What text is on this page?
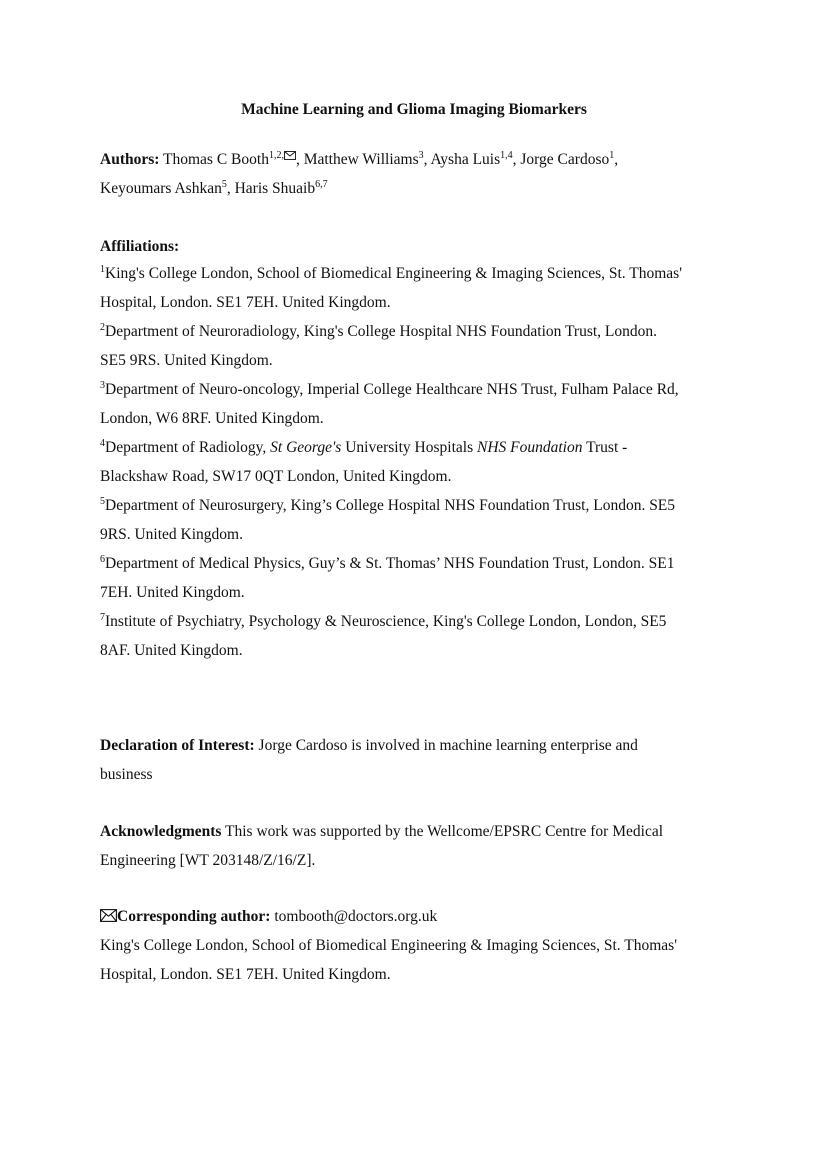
Machine Learning and Glioma Imaging Biomarkers
Authors: Thomas C Booth$^{1,2,}$ , Matthew Williams$^3$, Aysha Luis$^{1,4}$, Jorge Cardoso$^1$,
Keyoumars Ashkan$^5$, Haris Shuaib$^{6,7}$
Affiliations:
$^1$King's College London, School of Biomedical Engineering & Imaging Sciences, St. Thomas'
Hospital, London. SE1 7EH. United Kingdom.
$^2$Department of Neuroradiology, King's College Hospital NHS Foundation Trust, London.
SE5 9RS. United Kingdom.
$^3$Department of Neuro-oncology, Imperial College Healthcare NHS Trust, Fulham Palace Rd,
London, W6 8RF. United Kingdom.
$^4$Department of Radiology, St George's University Hospitals NHS Foundation Trust -
Blackshaw Road, SW17 0QT London, United Kingdom.
$^5$Department of Neurosurgery, King’s College Hospital NHS Foundation Trust, London. SE5
9RS. United Kingdom.
$^6$Department of Medical Physics, Guy’s & St. Thomas’ NHS Foundation Trust, London. SE1
7EH. United Kingdom.
$^7$Institute of Psychiatry, Psychology & Neuroscience, King's College London, London, SE5
8AF. United Kingdom.
Declaration of Interest: Jorge Cardoso is involved in machine learning enterprise and
business
Acknowledgments This work was supported by the Wellcome/EPSRC Centre for Medical
Engineering [WT 203148/Z/16/Z].
Corresponding author: tombooth@doctors.org.uk
King's College London, School of Biomedical Engineering & Imaging Sciences, St. Thomas'
Hospital, London. SE1 7EH. United Kingdom.
